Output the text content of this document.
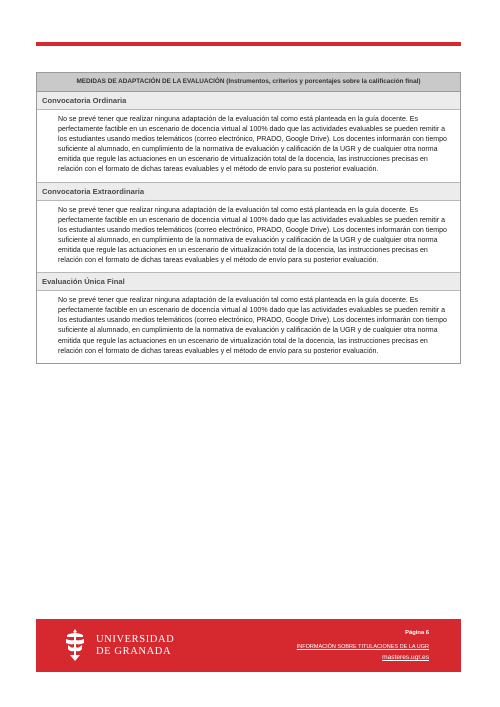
MEDIDAS DE ADAPTACIÓN DE LA EVALUACIÓN (Instrumentos, criterios y porcentajes sobre la calificación final)
Convocatoria Ordinaria
No se prevé tener que realizar ninguna adaptación de la evaluación tal como está planteada en la guía docente. Es perfectamente factible en un escenario de docencia virtual al 100% dado que las actividades evaluables se pueden remitir a los estudiantes usando medios telemáticos (correo electrónico, PRADO, Google Drive). Los docentes informarán con tiempo suficiente al alumnado, en cumplimiento de la normativa de evaluación y calificación de la UGR y de cualquier otra norma emitida que regule las actuaciones en un escenario de virtualización total de la docencia, las instrucciones precisas en relación con el formato de dichas tareas evaluables y el método de envío para su posterior evaluación.
Convocatoria Extraordinaria
No se prevé tener que realizar ninguna adaptación de la evaluación tal como está planteada en la guía docente. Es perfectamente factible en un escenario de docencia virtual al 100% dado que las actividades evaluables se pueden remitir a los estudiantes usando medios telemáticos (correo electrónico, PRADO, Google Drive). Los docentes informarán con tiempo suficiente al alumnado, en cumplimiento de la normativa de evaluación y calificación de la UGR y de cualquier otra norma emitida que regule las actuaciones en un escenario de virtualización total de la docencia, las instrucciones precisas en relación con el formato de dichas tareas evaluables y el método de envío para su posterior evaluación.
Evaluación Única Final
No se prevé tener que realizar ninguna adaptación de la evaluación tal como está planteada en la guía docente. Es perfectamente factible en un escenario de docencia virtual al 100% dado que las actividades evaluables se pueden remitir a los estudiantes usando medios telemáticos (correo electrónico, PRADO, Google Drive). Los docentes informarán con tiempo suficiente al alumnado, en cumplimiento de la normativa de evaluación y calificación de la UGR y de cualquier otra norma emitida que regule las actuaciones en un escenario de virtualización total de la docencia, las instrucciones precisas en relación con el formato de dichas tareas evaluables y el método de envío para su posterior evaluación.
UNIVERSIDAD
DE GRANADA
Página 6
INFORMACIÓN SOBRE TITULACIONES DE LA UGR
masteres.ugr.es
